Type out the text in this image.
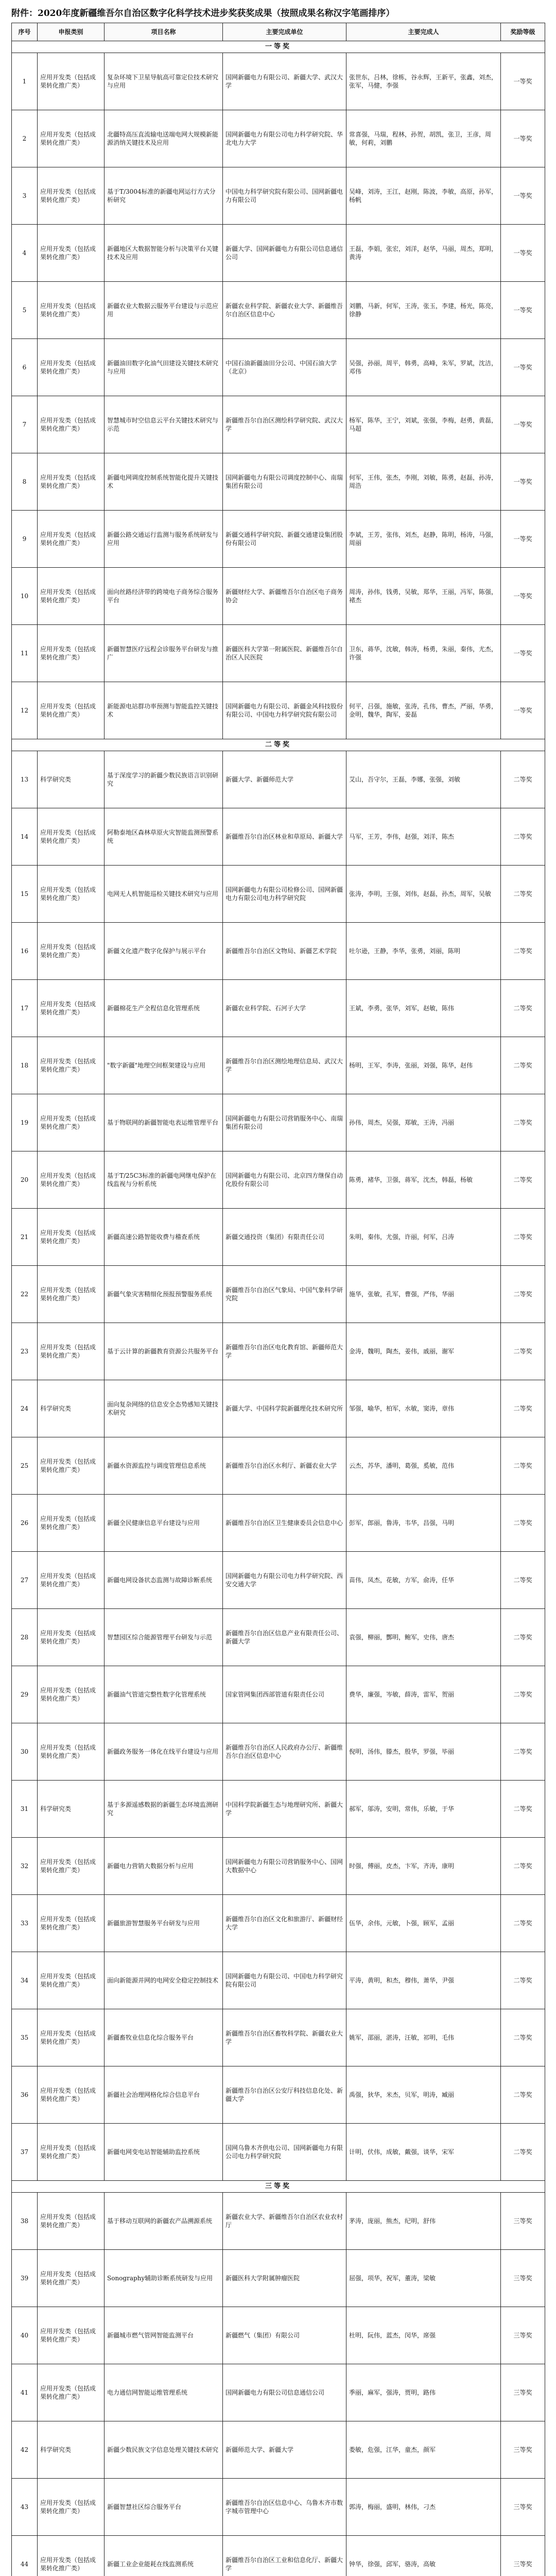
附件：2020年度新疆维吾尔自治区数字化科学技术进步奖获奖成果（按照成果名称汉字笔画排序）
序号	申报类别	项目名称	主要完成单位	主要完成人	奖励等级
一等奖					
1	应用开发类（包括成果转化推广类）	复杂环境下卫星导航高可靠定位技术研究与应用	国网新疆电力有限公司、新疆大学、武汉大学	张世东，吕林，徐栋，谷永辉，王新平，张鑫，刘杰，张军，马健，李强	一等奖
2	应用开发类（包括成果转化推广类）	北疆特高压直流输电送端电网大规模新能源消纳关键技术及应用	国网新疆电力有限公司电力科学研究院、华北电力大学	常喜强，马瑞，程林，孙贺，胡凯，张卫，王彦，周敏，何莉，刘鹏	一等奖
3	应用开发类（包括成果转化推广类）	基于T/3004标准的新疆电网运行方式分析研究	中国电力科学研究院有限公司、国网新疆电力有限公司	吴峰，刘涛，王江，赵刚，陈波，李敏，高原，孙军，杨帆	一等奖
4	应用开发类（包括成果转化推广类）	新疆地区大数据智能分析与决策平台关键技术及应用	新疆大学、国网新疆电力有限公司信息通信公司	王磊，李娟，张宏，刘洋，赵华，马丽，周杰，郑明，黄涛	一等奖
5	应用开发类（包括成果转化推广类）	新疆农业大数据云服务平台建设与示范应用	新疆农业科学院、新疆农业大学、新疆维吾尔自治区信息中心	刘鹏，马新，何军，王涛，张玉，李建，杨光，陈亮，徐静	一等奖
6	应用开发类（包括成果转化推广类）	新疆油田数字化油气田建设关键技术研究与应用	中国石油新疆油田分公司、中国石油大学（北京）	吴强，孙丽，周平，韩勇，高峰，朱军，罗斌，沈洁，邓伟	一等奖
7	应用开发类（包括成果转化推广类）	智慧城市时空信息云平台关键技术研究与示范	新疆维吾尔自治区测绘科学研究院、武汉大学	杨军，陈华，王宁，刘斌，张强，李梅，赵勇，黄磊，马超	一等奖
8	应用开发类（包括成果转化推广类）	新疆电网调度控制系统智能化提升关键技术	国网新疆电力有限公司调度控制中心、南瑞集团有限公司	何军，王伟，张杰，李刚，刘敏，陈勇，赵磊，孙涛，周浩	一等奖
9	应用开发类（包括成果转化推广类）	新疆公路交通运行监测与服务系统研发与应用	新疆交通科学研究院、新疆交通建设集团股份有限公司	李斌，王芳，张伟，刘杰，赵静，陈明，杨涛，马强，周丽	一等奖
10	应用开发类（包括成果转化推广类）	面向丝路经济带的跨境电子商务综合服务平台	新疆财经大学、新疆维吾尔自治区电子商务协会	周涛，孙伟，钱勇，吴敏，郑华，王丽，冯军，陈强，褚杰	一等奖
11	应用开发类（包括成果转化推广类）	新疆智慧医疗远程会诊服务平台研发与推广	新疆医科大学第一附属医院、新疆维吾尔自治区人民医院	卫东，蒋华，沈敏，韩涛，杨勇，朱丽，秦伟，尤杰，许强	一等奖
12	应用开发类（包括成果转化推广类）	新能源电站群功率预测与智能监控关键技术	国网新疆电力有限公司、新疆金风科技股份有限公司、中国电力科学研究院有限公司	何平，吕强，施敏，张涛，孔伟，曹杰，严丽，华勇，金明，魏华，陶军，姜磊	一等奖
二等奖					
13	科学研究类	基于深度学习的新疆少数民族语言识别研究	新疆大学、新疆师范大学	艾山，吾守尔，王磊，李娜，张强，刘敏	二等奖
14	应用开发类（包括成果转化推广类）	阿勒泰地区森林草原火灾智能监测预警系统	新疆维吾尔自治区林业和草原局、新疆大学	马军，王芳，李伟，赵强，刘洋，陈杰	二等奖
15	应用开发类（包括成果转化推广类）	电网无人机智能巡检关键技术研究与应用	国网新疆电力有限公司检修公司、国网新疆电力有限公司电力科学研究院	张涛，李明，王强，刘伟，赵磊，孙杰，周军，吴敏	二等奖
16	应用开发类（包括成果转化推广类）	新疆文化遗产数字化保护与展示平台	新疆维吾尔自治区文物局、新疆艺术学院	吐尔逊，王静，李华，张勇，刘丽，陈明	二等奖
17	应用开发类（包括成果转化推广类）	新疆棉花生产全程信息化管理系统	新疆农业科学院、石河子大学	王斌，李勇，张华，刘军，赵敏，陈伟	二等奖
18	应用开发类（包括成果转化推广类）	"数字新疆"地理空间框架建设与应用	新疆维吾尔自治区测绘地理信息局、武汉大学	杨明，王军，李涛，张丽，刘强，陈华，赵伟	二等奖
19	应用开发类（包括成果转化推广类）	基于物联网的新疆智能电表运维管理平台	国网新疆电力有限公司营销服务中心、南瑞集团有限公司	孙伟，周杰，吴强，郑敏，王涛，冯丽	二等奖
20	应用开发类（包括成果转化推广类）	基于T/25C3标准的新疆电网继电保护在线监视与分析系统	国网新疆电力有限公司、北京四方继保自动化股份有限公司	陈勇，褚华，卫强，蒋军，沈杰，韩磊，杨敏	二等奖
21	应用开发类（包括成果转化推广类）	新疆高速公路智能收费与稽查系统	新疆交通投资（集团）有限责任公司	朱明，秦伟，尤强，许丽，何军，吕涛	二等奖
22	应用开发类（包括成果转化推广类）	新疆气象灾害精细化预报预警服务系统	新疆维吾尔自治区气象局、中国气象科学研究院	施华，张敏，孔军，曹强，严伟，华丽	二等奖
23	应用开发类（包括成果转化推广类）	基于云计算的新疆教育资源公共服务平台	新疆维吾尔自治区电化教育馆、新疆师范大学	金涛，魏明，陶杰，姜伟，戚丽，谢军	二等奖
24	科学研究类	面向复杂网络的信息安全态势感知关键技术研究	新疆大学、中国科学院新疆理化技术研究所	邹强，喻华，柏军，水敏，窦涛，章伟	二等奖
25	应用开发类（包括成果转化推广类）	新疆水资源监控与调度管理信息系统	新疆维吾尔自治区水利厅、新疆农业大学	云杰，苏华，潘明，葛强，奚敏，范伟	二等奖
26	应用开发类（包括成果转化推广类）	新疆全民健康信息平台建设与应用	新疆维吾尔自治区卫生健康委员会信息中心	彭军，郎丽，鲁涛，韦华，昌强，马明	二等奖
27	应用开发类（包括成果转化推广类）	新疆电网设备状态监测与故障诊断系统	国网新疆电力有限公司电力科学研究院、西安交通大学	苗伟，凤杰，花敏，方军，俞涛，任华	二等奖
28	应用开发类（包括成果转化推广类）	智慧园区综合能源管理平台研发与示范	新疆维吾尔自治区信息产业有限责任公司、新疆大学	袁强，柳丽，酆明，鲍军，史伟，唐杰	二等奖
29	应用开发类（包括成果转化推广类）	新疆油气管道完整性数字化管理系统	国家管网集团西部管道有限责任公司	费华，廉强，岑敏，薛涛，雷军，贺丽	二等奖
30	应用开发类（包括成果转化推广类）	新疆政务服务一体化在线平台建设与应用	新疆维吾尔自治区人民政府办公厅、新疆维吾尔自治区信息中心	倪明，汤伟，滕杰，殷华，罗强，毕丽	二等奖
31	科学研究类	基于多源遥感数据的新疆生态环境监测研究	中国科学院新疆生态与地理研究所、新疆大学	郝军，邬涛，安明，常伟，乐敏，于华	二等奖
32	应用开发类（包括成果转化推广类）	新疆电力营销大数据分析与应用	国网新疆电力有限公司营销服务中心、国网大数据中心	时强，傅丽，皮杰，卞军，齐涛，康明	二等奖
33	应用开发类（包括成果转化推广类）	新疆旅游智慧服务平台研发与应用	新疆维吾尔自治区文化和旅游厅、新疆财经大学	伍华，余伟，元敏，卜强，顾军，孟丽	二等奖
34	应用开发类（包括成果转化推广类）	面向新能源并网的电网安全稳定控制技术	国网新疆电力有限公司、中国电力科学研究院有限公司	平涛，黄明，和杰，穆伟，萧华，尹强	二等奖
35	应用开发类（包括成果转化推广类）	新疆畜牧业信息化综合服务平台	新疆维吾尔自治区畜牧科学院、新疆农业大学	姚军，邵丽，湛涛，汪敏，祁明，毛伟	二等奖
36	应用开发类（包括成果转化推广类）	新疆社会治理网格化综合信息平台	新疆维吾尔自治区公安厅科技信息化处、新疆大学	禹强，狄华，米杰，贝军，明涛，臧丽	二等奖
37	应用开发类（包括成果转化推广类）	新疆电网变电站智能辅助监控系统	国网乌鲁木齐供电公司、国网新疆电力有限公司电力科学研究院	计明，伏伟，成敏，戴强，谈华，宋军	二等奖
三等奖					
38	应用开发类（包括成果转化推广类）	基于移动互联网的新疆农产品溯源系统	新疆农业大学、新疆维吾尔自治区农业农村厅	茅涛，庞丽，熊杰，纪明，舒伟	三等奖
39	应用开发类（包括成果转化推广类）	Sonography辅助诊断系统研发与应用	新疆医科大学附属肿瘤医院	屈强，项华，祝军，董涛，梁敏	三等奖
40	应用开发类（包括成果转化推广类）	新疆城市燃气管网智能监测平台	新疆燃气（集团）有限公司	杜明，阮伟，蓝杰，闵华，席强	三等奖
41	应用开发类（包括成果转化推广类）	电力通信网智能运维管理系统	国网新疆电力有限公司信息通信公司	季丽，麻军，强涛，贾明，路伟	三等奖
42	科学研究类	新疆少数民族文字信息处理关键技术研究	新疆师范大学、新疆大学	娄敏，危强，江华，童杰，颜军	三等奖
43	应用开发类（包括成果转化推广类）	新疆智慧社区综合服务平台	新疆维吾尔自治区信息中心、乌鲁木齐市数字城市管理中心	郭涛，梅丽，盛明，林伟，刁杰	三等奖
44	应用开发类（包括成果转化推广类）	新疆工业企业能耗在线监测系统	新疆维吾尔自治区工业和信息化厅、新疆大学	钟华，徐强，邱军，骆涛，高敏	三等奖
